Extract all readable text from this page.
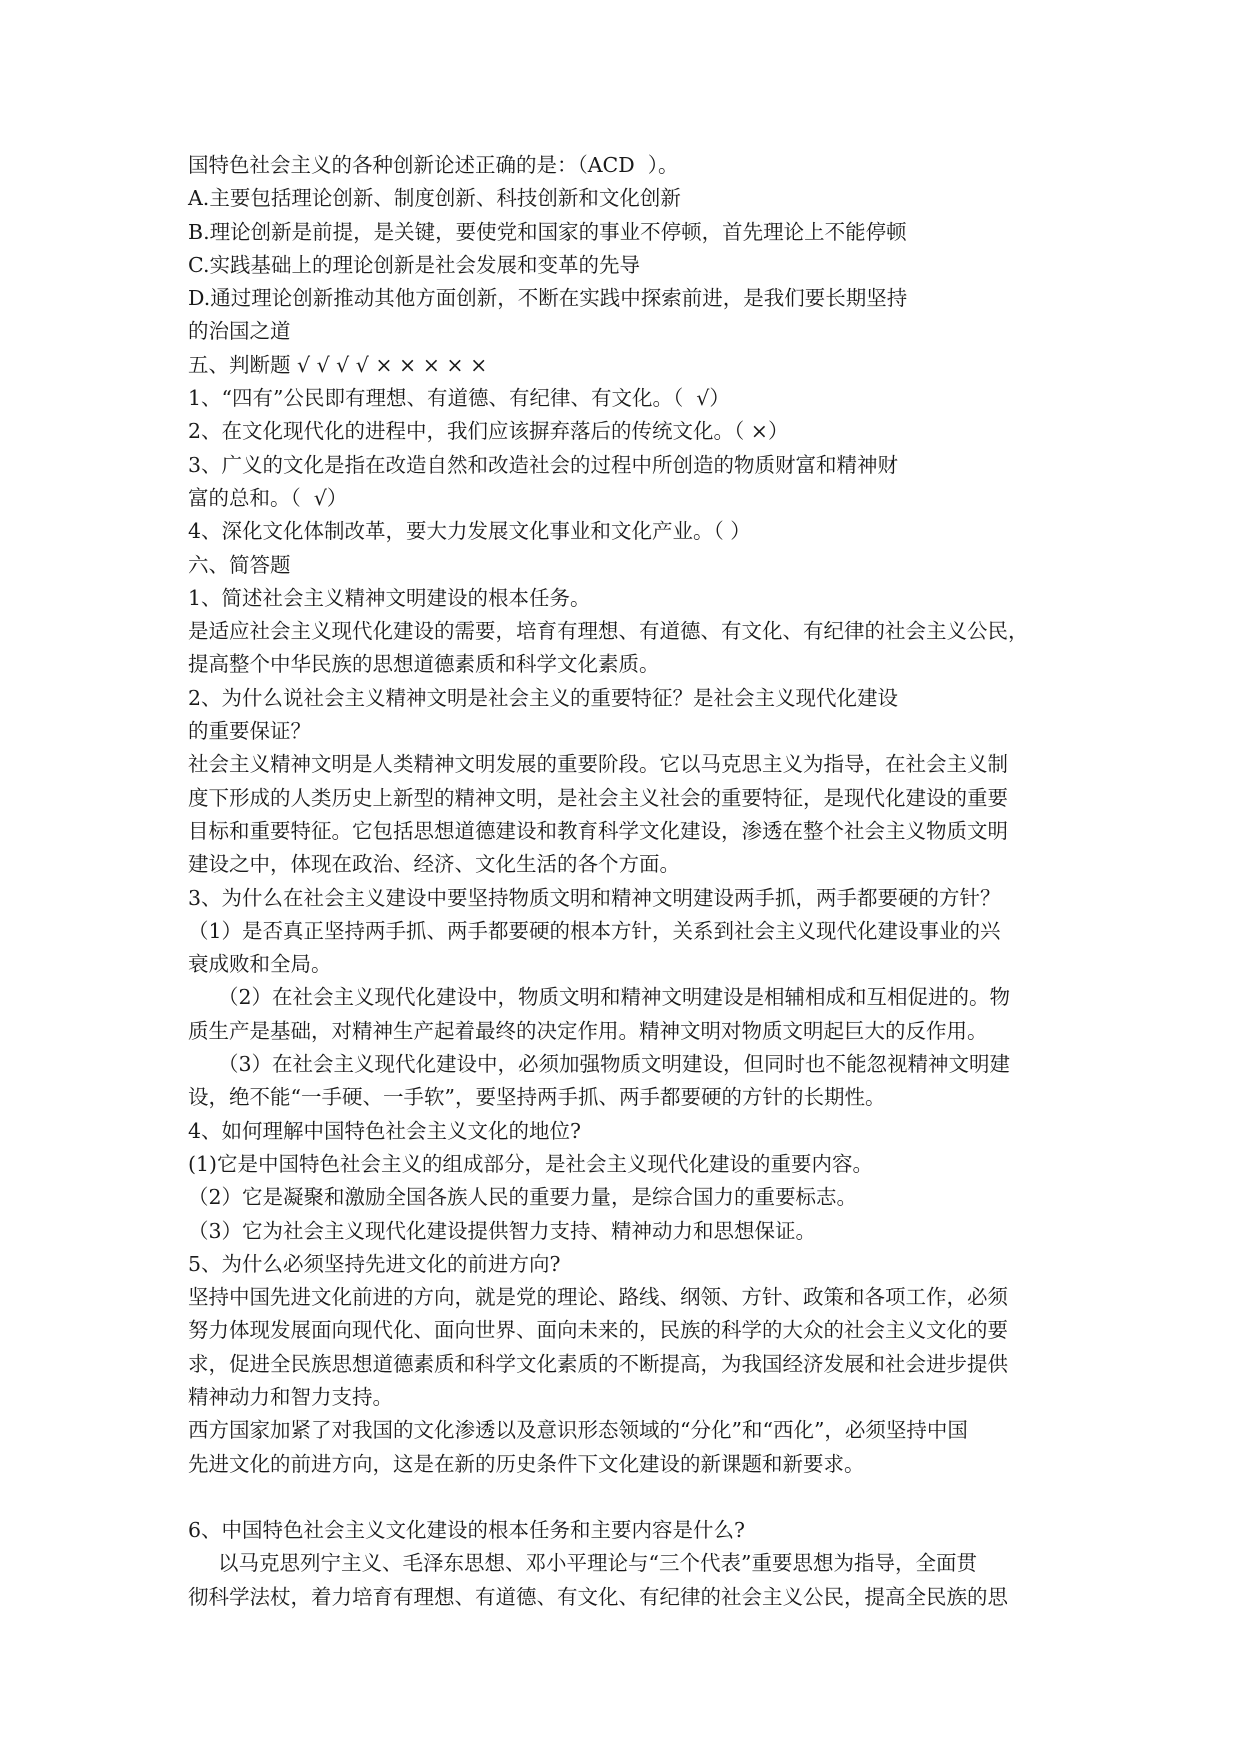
国特色社会主义的各种创新论述正确的是：（ACD  ）。
A.主要包括理论创新、制度创新、科技创新和文化创新
B.理论创新是前提，是关键，要使党和国家的事业不停顿，首先理论上不能停顿
C.实践基础上的理论创新是社会发展和变革的先导
D.通过理论创新推动其他方面创新，不断在实践中探索前进，是我们要长期坚持
的治国之道
五、判断题 √ √ √ √ × × × × ×
1、“四有”公民即有理想、有道德、有纪律、有文化。（  √）
2、在文化现代化的进程中，我们应该摒弃落后的传统文化。（ ×）
3、广义的文化是指在改造自然和改造社会的过程中所创造的物质财富和精神财
富的总和。（  √）
4、深化文化体制改革，要大力发展文化事业和文化产业。（ ）
六、简答题
1、简述社会主义精神文明建设的根本任务。
是适应社会主义现代化建设的需要，培育有理想、有道德、有文化、有纪律的社会主义公民，
提高整个中华民族的思想道德素质和科学文化素质。
2、为什么说社会主义精神文明是社会主义的重要特征？是社会主义现代化建设
的重要保证？
社会主义精神文明是人类精神文明发展的重要阶段。它以马克思主义为指导，在社会主义制
度下形成的人类历史上新型的精神文明，是社会主义社会的重要特征，是现代化建设的重要
目标和重要特征。它包括思想道德建设和教育科学文化建设，渗透在整个社会主义物质文明
建设之中，体现在政治、经济、文化生活的各个方面。
3、为什么在社会主义建设中要坚持物质文明和精神文明建设两手抓，两手都要硬的方针？
（1）是否真正坚持两手抓、两手都要硬的根本方针，关系到社会主义现代化建设事业的兴
衰成败和全局。
（2）在社会主义现代化建设中，物质文明和精神文明建设是相辅相成和互相促进的。物
质生产是基础，对精神生产起着最终的决定作用。精神文明对物质文明起巨大的反作用。
（3）在社会主义现代化建设中，必须加强物质文明建设，但同时也不能忽视精神文明建
设，绝不能“一手硬、一手软”，要坚持两手抓、两手都要硬的方针的长期性。
4、如何理解中国特色社会主义文化的地位?
(1)它是中国特色社会主义的组成部分，是社会主义现代化建设的重要内容。
（2）它是凝聚和激励全国各族人民的重要力量，是综合国力的重要标志。
（3）它为社会主义现代化建设提供智力支持、精神动力和思想保证。
5、为什么必须坚持先进文化的前进方向?
坚持中国先进文化前进的方向，就是党的理论、路线、纲领、方针、政策和各项工作，必须
努力体现发展面向现代化、面向世界、面向未来的，民族的科学的大众的社会主义文化的要
求，促进全民族思想道德素质和科学文化素质的不断提高，为我国经济发展和社会进步提供
精神动力和智力支持。
西方国家加紧了对我国的文化渗透以及意识形态领域的“分化”和“西化”，必须坚持中国
先进文化的前进方向，这是在新的历史条件下文化建设的新课题和新要求。
6、中国特色社会主义文化建设的根本任务和主要内容是什么?
以马克思列宁主义、毛泽东思想、邓小平理论与“三个代表”重要思想为指导，全面贯
彻科学法杖，着力培育有理想、有道德、有文化、有纪律的社会主义公民，提高全民族的思
